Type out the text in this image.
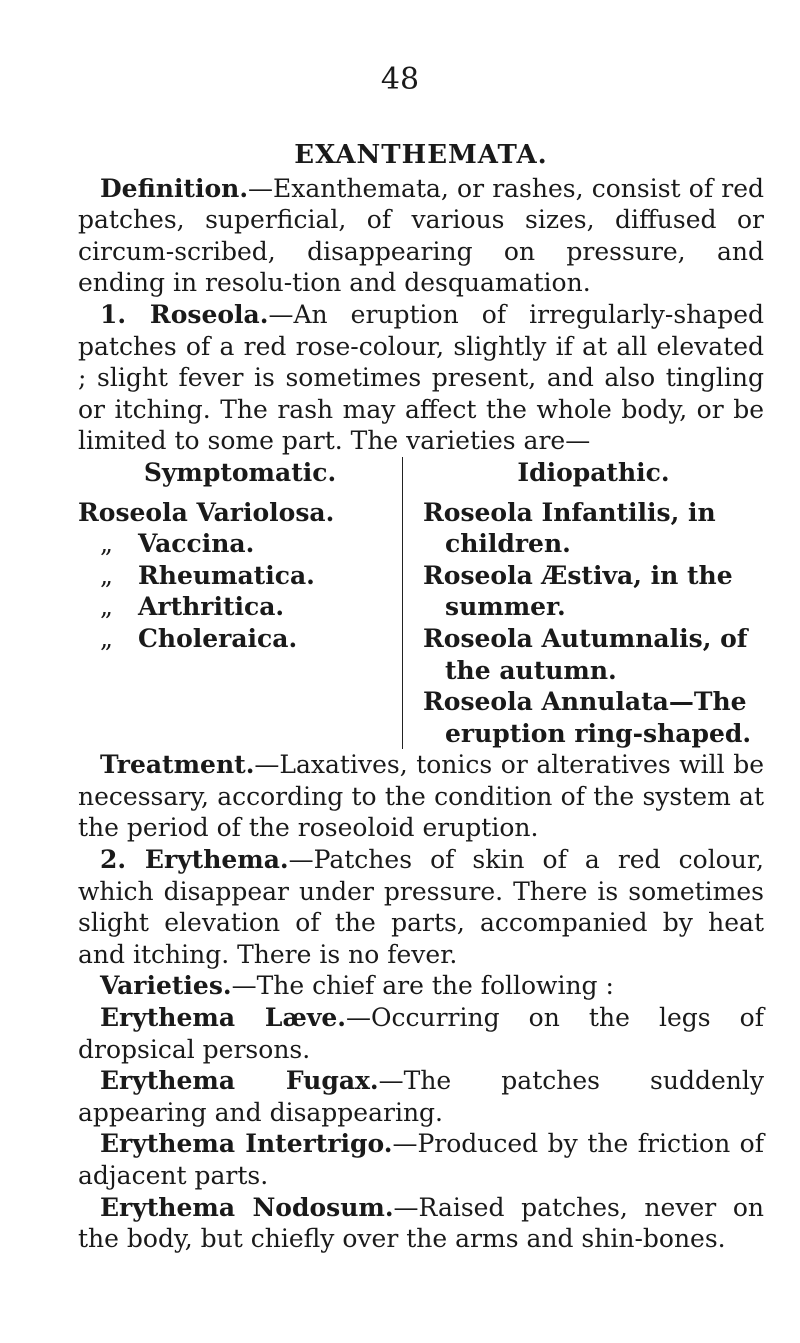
48
EXANTHEMATA.

Definition.—Exanthemata, or rashes, consist of red patches, superficial, of various sizes, diffused or circum-scribed, disappearing on pressure, and ending in resolu-tion and desquamation.

1. Roseola.—An eruption of irregularly-shaped patches of a red rose-colour, slightly if at all elevated ; slight fever is sometimes present, and also tingling or itching. The rash may affect the whole body, or be limited to some part. The varieties are—

Symptomatic.
Roseola Variolosa.
„ Vaccina.
„ Rheumatica.
„ Arthritica.
„ Choleraica.
Idiopathic.
Roseola Infantilis, in children.
Roseola Æstiva, in the summer.
Roseola Autumnalis, of the autumn.
Roseola Annulata—The eruption ring-shaped.

Treatment.—Laxatives, tonics or alteratives will be necessary, according to the condition of the system at the period of the roseoloid eruption.

2. Erythema.—Patches of skin of a red colour, which disappear under pressure. There is sometimes slight elevation of the parts, accompanied by heat and itching. There is no fever.

Varieties.—The chief are the following :

Erythema Læve.—Occurring on the legs of dropsical persons.

Erythema Fugax.—The patches suddenly appearing and disappearing.

Erythema Intertrigo.—Produced by the friction of adjacent parts.

Erythema Nodosum.—Raised patches, never on the body, but chiefly over the arms and shin-bones.
